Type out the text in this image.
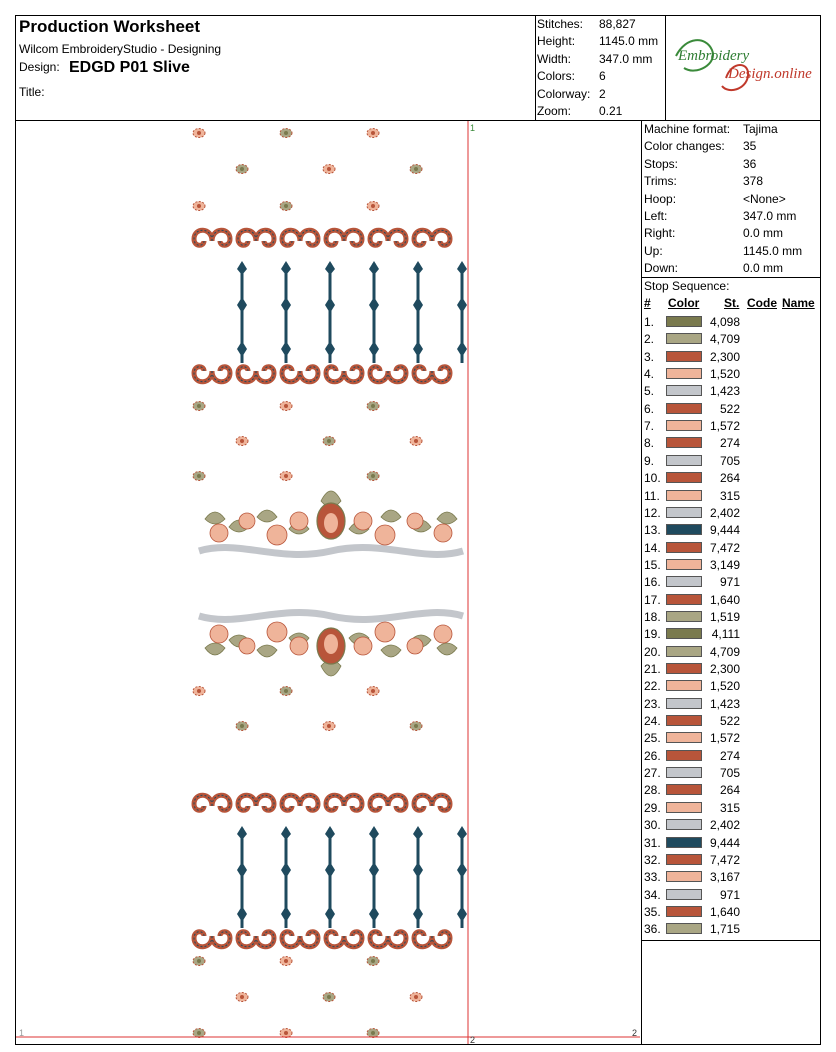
Production Worksheet
Wilcom EmbroideryStudio - Designing
Design: EDGD P01 Slive
Title:
Stitches: 88,827
Height: 1145.0 mm
Width: 347.0 mm
Colors: 6
Colorway: 2
Zoom: 0.21
Embroidery
Design.online
1
1
2
2
Machine format: Tajima
Color changes: 35
Stops:	36
Trims:	378
Hoop:	<None>
Left:	347.0 mm
Right:	0.0 mm
Up:	1145.0 mm
Down:	0.0 mm
Stop Sequence:
# Color St. Code Name
1.	4,098
2.	4,709
3.	2,300
4.	1,520
5.	1,423
6.	522
7.	1,572
8.	274
9.	705
10.	264
11.	315
12.	2,402
13.	9,444
14.	7,472
15.	3,149
16.	971
17.	1,640
18.	1,519
19.	4,111
20.	4,709
21.	2,300
22.	1,520
23.	1,423
24.	522
25.	1,572
26.	274
27.	705
28.	264
29.	315
30.	2,402
31.	9,444
32.	7,472
33.	3,167
34.	971
35.	1,640
36.	1,715
